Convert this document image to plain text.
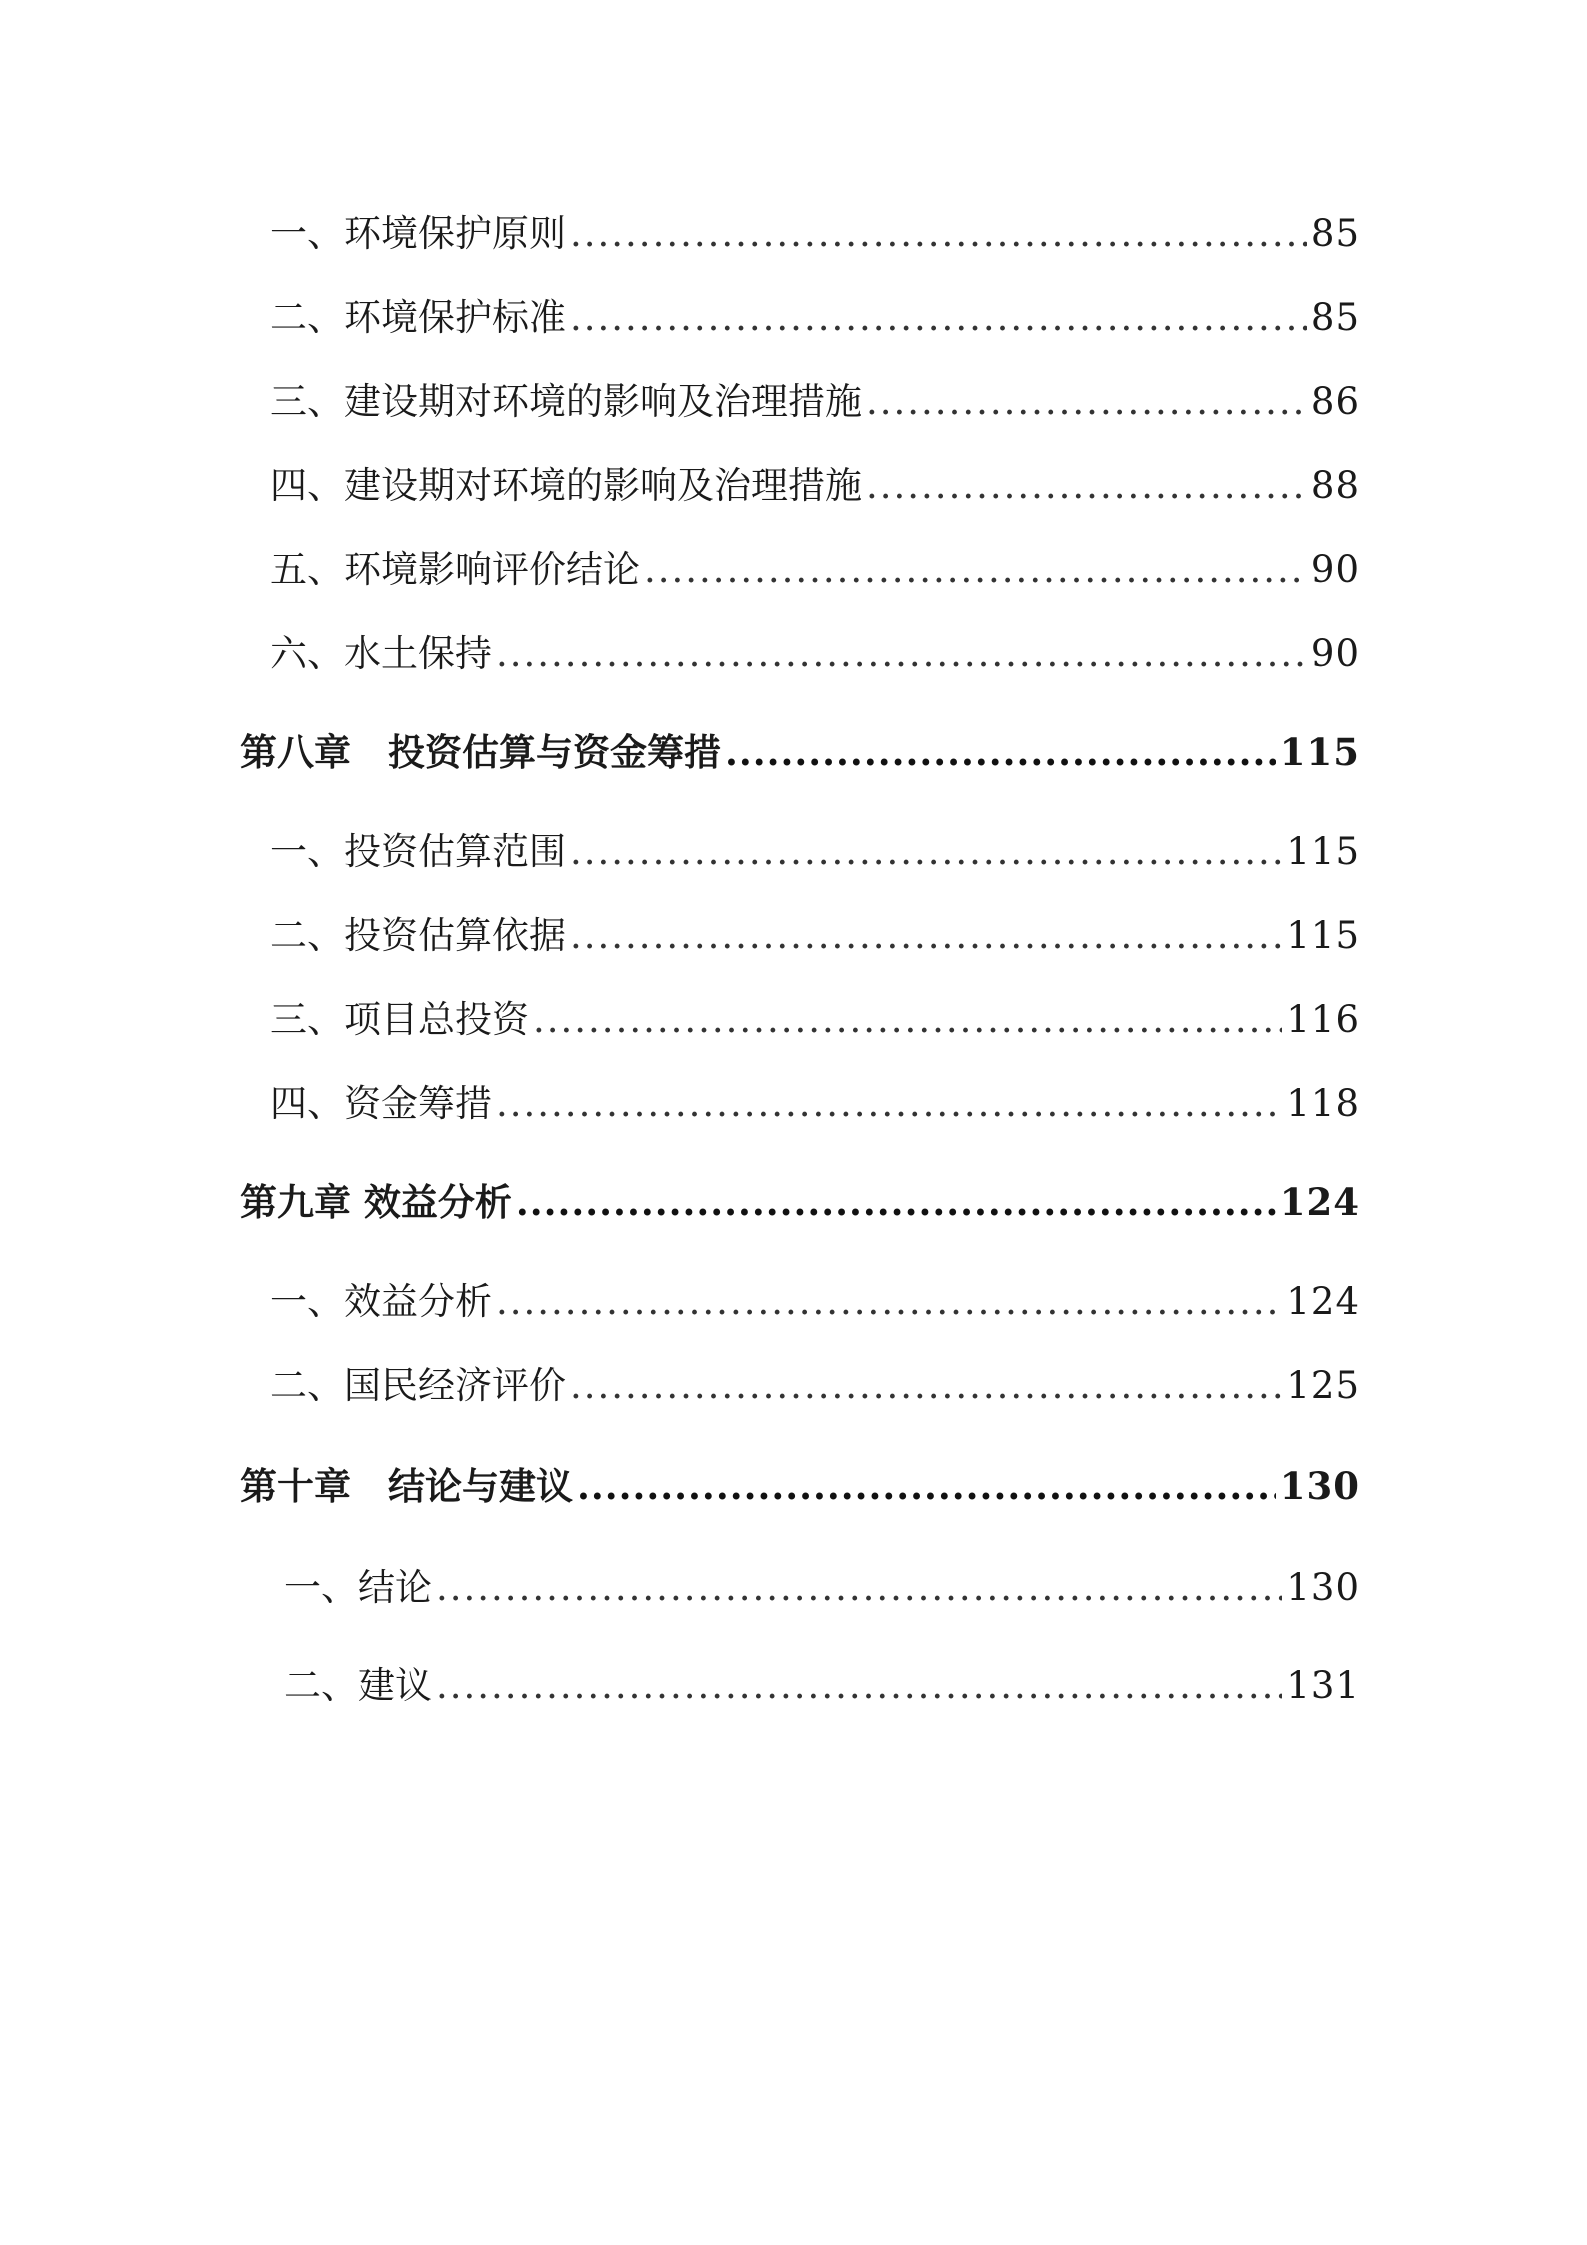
一、环境保护原则 .....	85
二、环境保护标准 .....	85
三、建设期对环境的影响及治理措施 .....	86
四、建设期对环境的影响及治理措施 .....	88
五、环境影响评价结论 .....	90
六、水土保持 .....	90
第八章　投资估算与资金筹措 .....	115
一、投资估算范围 .....	115
二、投资估算依据 .....	115
三、项目总投资 .....	116
四、资金筹措 .....	118
第九章 效益分析 .....	124
一、效益分析 .....	124
二、国民经济评价 .....	125
第十章　结论与建议 .....	130
一、结论 .....	130
二、建议 .....	131
